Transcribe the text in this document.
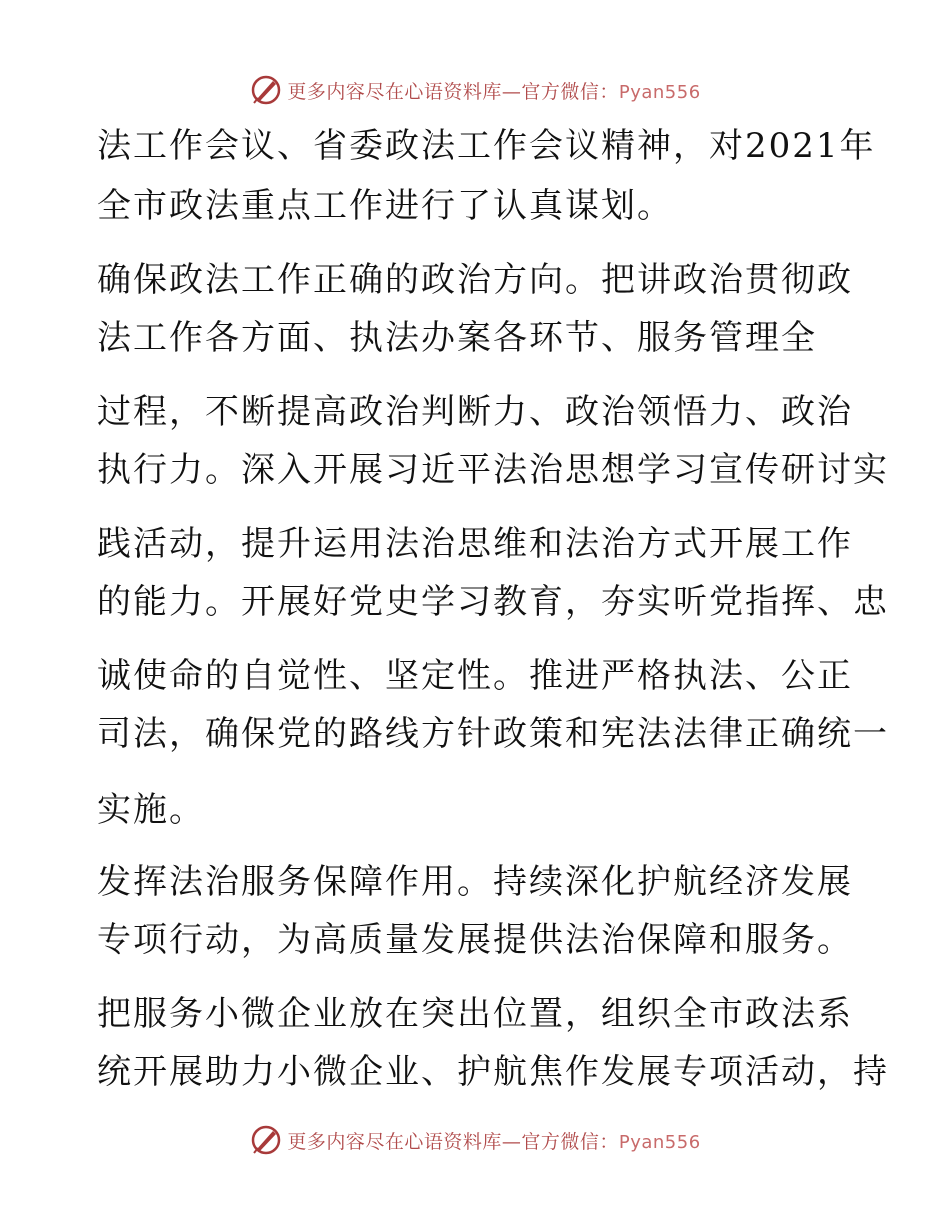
更多内容尽在心语资料库—官方微信：Pyan556
法工作会议、省委政法工作会议精神，对2021年
全市政法重点工作进行了认真谋划。
确保政法工作正确的政治方向。把讲政治贯彻政
法工作各方面、执法办案各环节、服务管理全
过程，不断提高政治判断力、政治领悟力、政治
执行力。深入开展习近平法治思想学习宣传研讨实
践活动，提升运用法治思维和法治方式开展工作
的能力。开展好党史学习教育，夯实听党指挥、忠
诚使命的自觉性、坚定性。推进严格执法、公正
司法，确保党的路线方针政策和宪法法律正确统一
实施。
发挥法治服务保障作用。持续深化护航经济发展
专项行动，为高质量发展提供法治保障和服务。
把服务小微企业放在突出位置，组织全市政法系
统开展助力小微企业、护航焦作发展专项活动，持
更多内容尽在心语资料库—官方微信：Pyan556
